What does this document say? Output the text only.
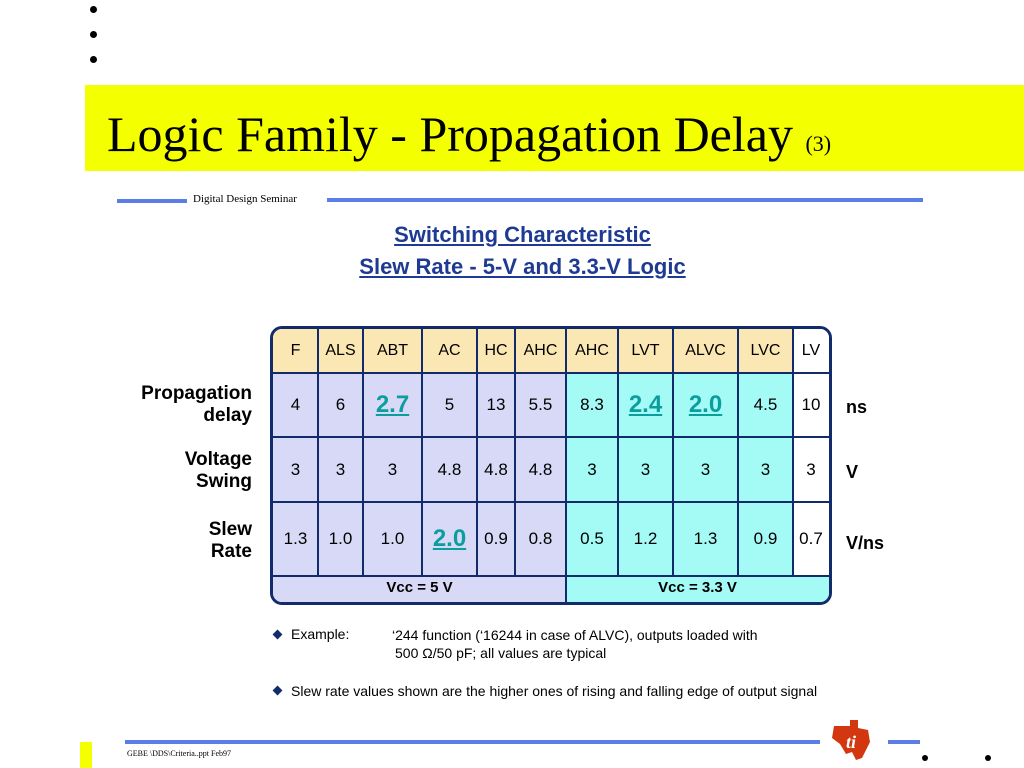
Logic Family - Propagation Delay (3)
Digital Design Seminar
Switching Characteristic
Slew Rate - 5-V and 3.3-V Logic
Propagation
delay
Voltage
Swing
Slew
Rate
F	ALS	ABT	AC	HC	AHC	AHC	LVT	ALVC	LVC	LV
4	6	2.7	5	13	5.5	8.3	2.4	2.0	4.5	10
3	3	3	4.8	4.8	4.8	3	3	3	3	3
1.3	1.0	1.0	2.0	0.9	0.8	0.5	1.2	1.3	0.9	0.7
Vcc = 5 V	Vcc = 3.3 V
ns
V
V/ns
Example:	‘244 function (‘16244 in case of ALVC), outputs loaded with
500 Ω/50 pF; all values are typical
Slew rate values shown are the higher ones of rising and falling edge of output signal
GEBE \DDS\Criteria..ppt Feb97
ti
